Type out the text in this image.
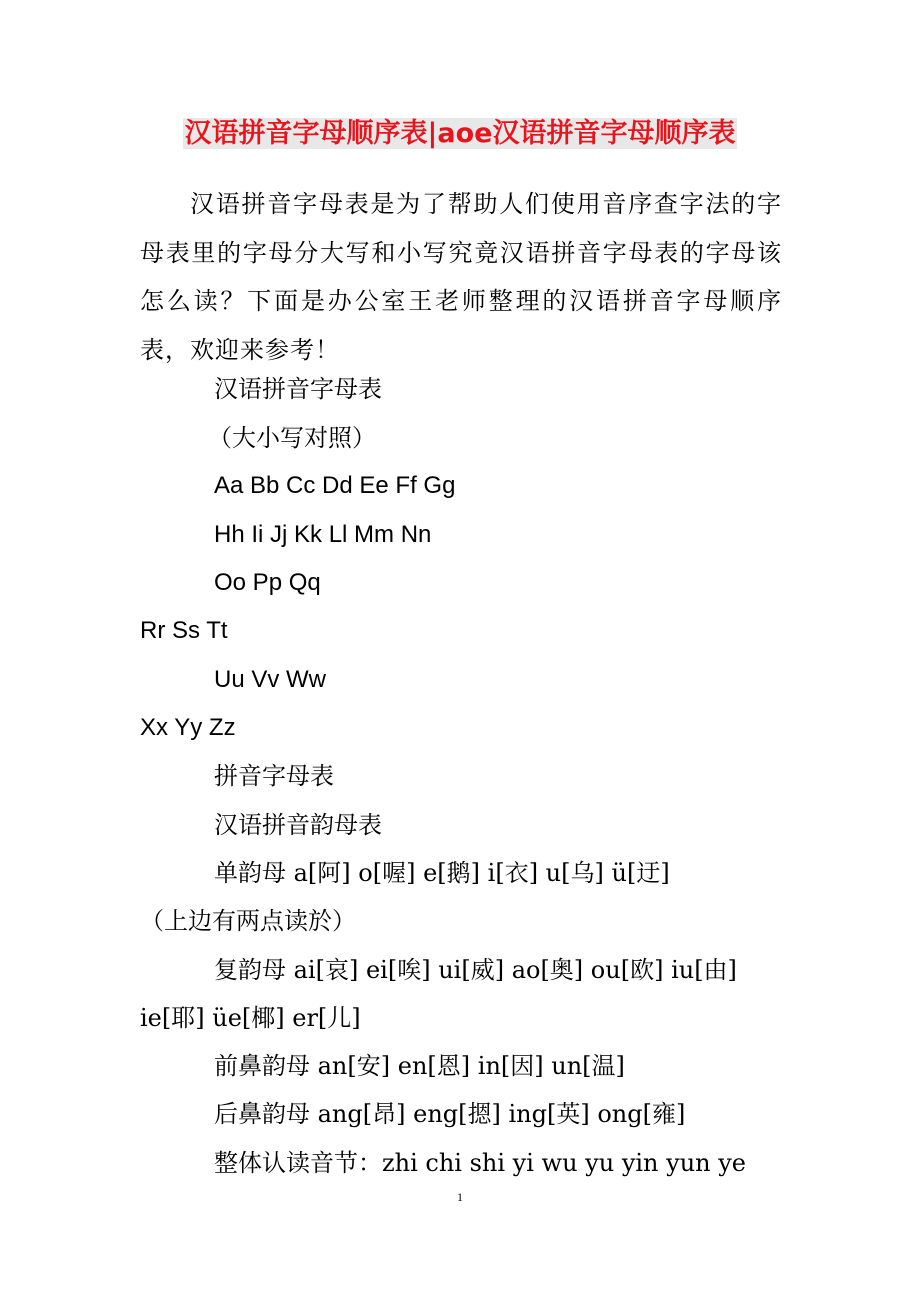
汉语拼音字母顺序表|aoe汉语拼音字母顺序表

汉语拼音字母表是为了帮助人们使用音序查字法的字母表里的字母分大写和小写究竟汉语拼音字母表的字母该怎么读？下面是办公室王老师整理的汉语拼音字母顺序表，欢迎来参考！

汉语拼音字母表
（大小写对照）
Aa Bb Cc Dd Ee Ff Gg
Hh Ii Jj Kk Ll Mm Nn
Oo Pp Qq
Rr Ss Tt
Uu Vv Ww
Xx Yy Zz
拼音字母表
汉语拼音韵母表
单韵母 a[阿] o[喔] e[鹅] i[衣] u[乌] ü[迂]
（上边有两点读於）
复韵母 ai[哀] ei[唉] ui[威] ao[奥] ou[欧] iu[由]
ie[耶] üe[椰] er[儿]
前鼻韵母 an[安] en[恩] in[因] un[温]
后鼻韵母 ang[昂] eng[摁] ing[英] ong[雍]
整体认读音节：zhi chi shi yi wu yu yin yun ye
1
